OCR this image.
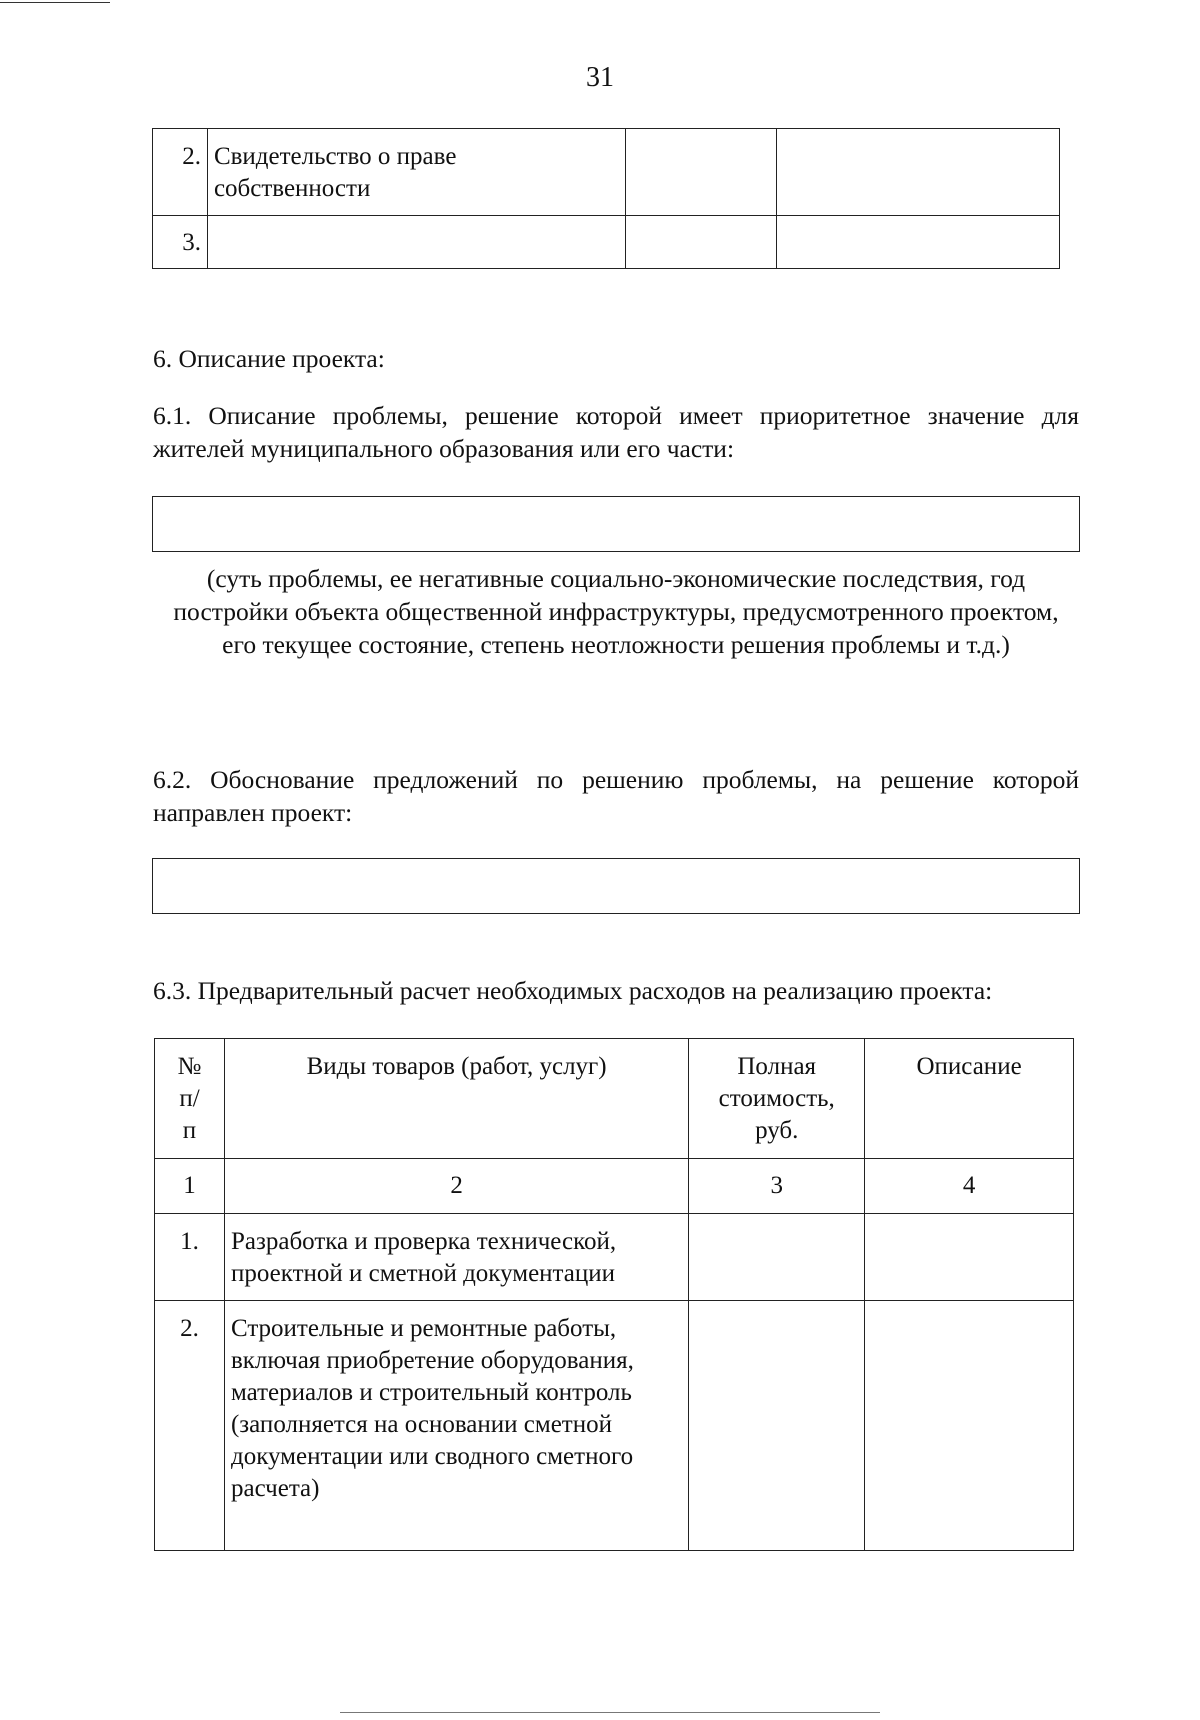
31
2.	Свидетельство о праве собственности		
3.			
6. Описание проекта:
6.1. Описание проблемы, решение которой имеет приоритетное значение для жителей муниципального образования или его части:
(суть проблемы, ее негативные социально-экономические последствия, год постройки объекта общественной инфраструктуры, предусмотренного проектом, его текущее состояние, степень неотложности решения проблемы и т.д.)
6.2. Обоснование предложений по решению проблемы, на решение которой направлен проект:
6.3. Предварительный расчет необходимых расходов на реализацию проекта:
№ п/п	Виды товаров (работ, услуг)	Полная стоимость, руб.	Описание
1	2	3	4
1.	Разработка и проверка технической, проектной и сметной документации		
2.	Строительные и ремонтные работы, включая приобретение оборудования, материалов и строительный контроль (заполняется на основании сметной документации или сводного сметного расчета)		
